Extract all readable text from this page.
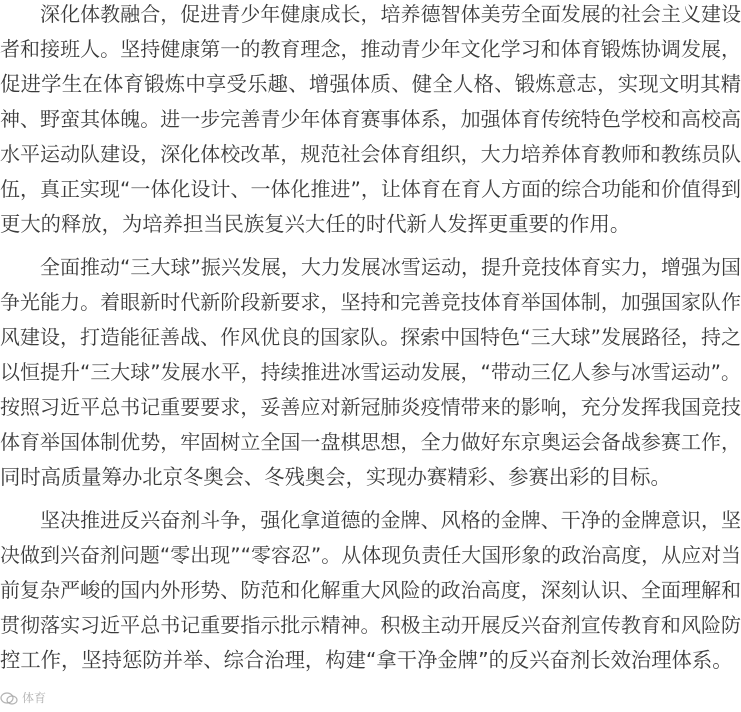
　　深化体教融合，促进青少年健康成长，培养德智体美劳全面发展的社会主义建设
者和接班人。坚持健康第一的教育理念，推动青少年文化学习和体育锻炼协调发展，
促进学生在体育锻炼中享受乐趣、增强体质、健全人格、锻炼意志，实现文明其精
神、野蛮其体魄。进一步完善青少年体育赛事体系，加强体育传统特色学校和高校高
水平运动队建设，深化体校改革，规范社会体育组织，大力培养体育教师和教练员队
伍，真正实现“一体化设计、一体化推进”，让体育在育人方面的综合功能和价值得到
更大的释放，为培养担当民族复兴大任的时代新人发挥更重要的作用。
　　全面推动“三大球”振兴发展，大力发展冰雪运动，提升竞技体育实力，增强为国
争光能力。着眼新时代新阶段新要求，坚持和完善竞技体育举国体制，加强国家队作
风建设，打造能征善战、作风优良的国家队。探索中国特色“三大球”发展路径，持之
以恒提升“三大球”发展水平，持续推进冰雪运动发展，“带动三亿人参与冰雪运动”。
按照习近平总书记重要要求，妥善应对新冠肺炎疫情带来的影响，充分发挥我国竞技
体育举国体制优势，牢固树立全国一盘棋思想，全力做好东京奥运会备战参赛工作，
同时高质量筹办北京冬奥会、冬残奥会，实现办赛精彩、参赛出彩的目标。
　　坚决推进反兴奋剂斗争，强化拿道德的金牌、风格的金牌、干净的金牌意识，坚
决做到兴奋剂问题“零出现”“零容忍”。从体现负责任大国形象的政治高度，从应对当
前复杂严峻的国内外形势、防范和化解重大风险的政治高度，深刻认识、全面理解和
贯彻落实习近平总书记重要指示批示精神。积极主动开展反兴奋剂宣传教育和风险防
控工作，坚持惩防并举、综合治理，构建“拿干净金牌”的反兴奋剂长效治理体系。
体育
